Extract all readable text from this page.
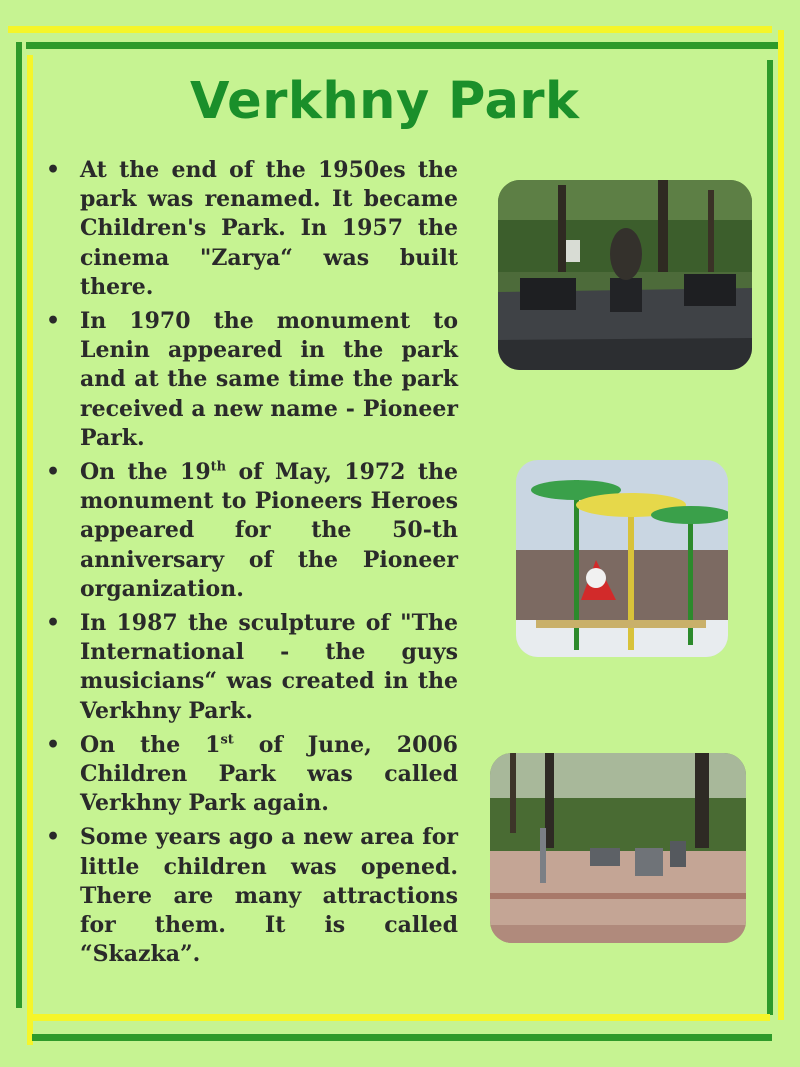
Verkhny Park
• At the end of the 1950es the park was renamed. It became Children's Park. In 1957 the cinema "Zarya“ was built there.
• In 1970 the monument to Lenin appeared in the park and at the same time the park received a new name - Pioneer Park.
• On the 19th of May, 1972 the monument to Pioneers Heroes appeared for the 50-th anniversary of the Pioneer organization.
• In 1987 the sculpture of "The International - the guys musicians“ was created in the Verkhny Park.
• On the 1st of June, 2006 Children Park was called Verkhny Park again.
• Some years ago a new area for little children was opened. There are many attractions for them. It is called “Skazka”.
